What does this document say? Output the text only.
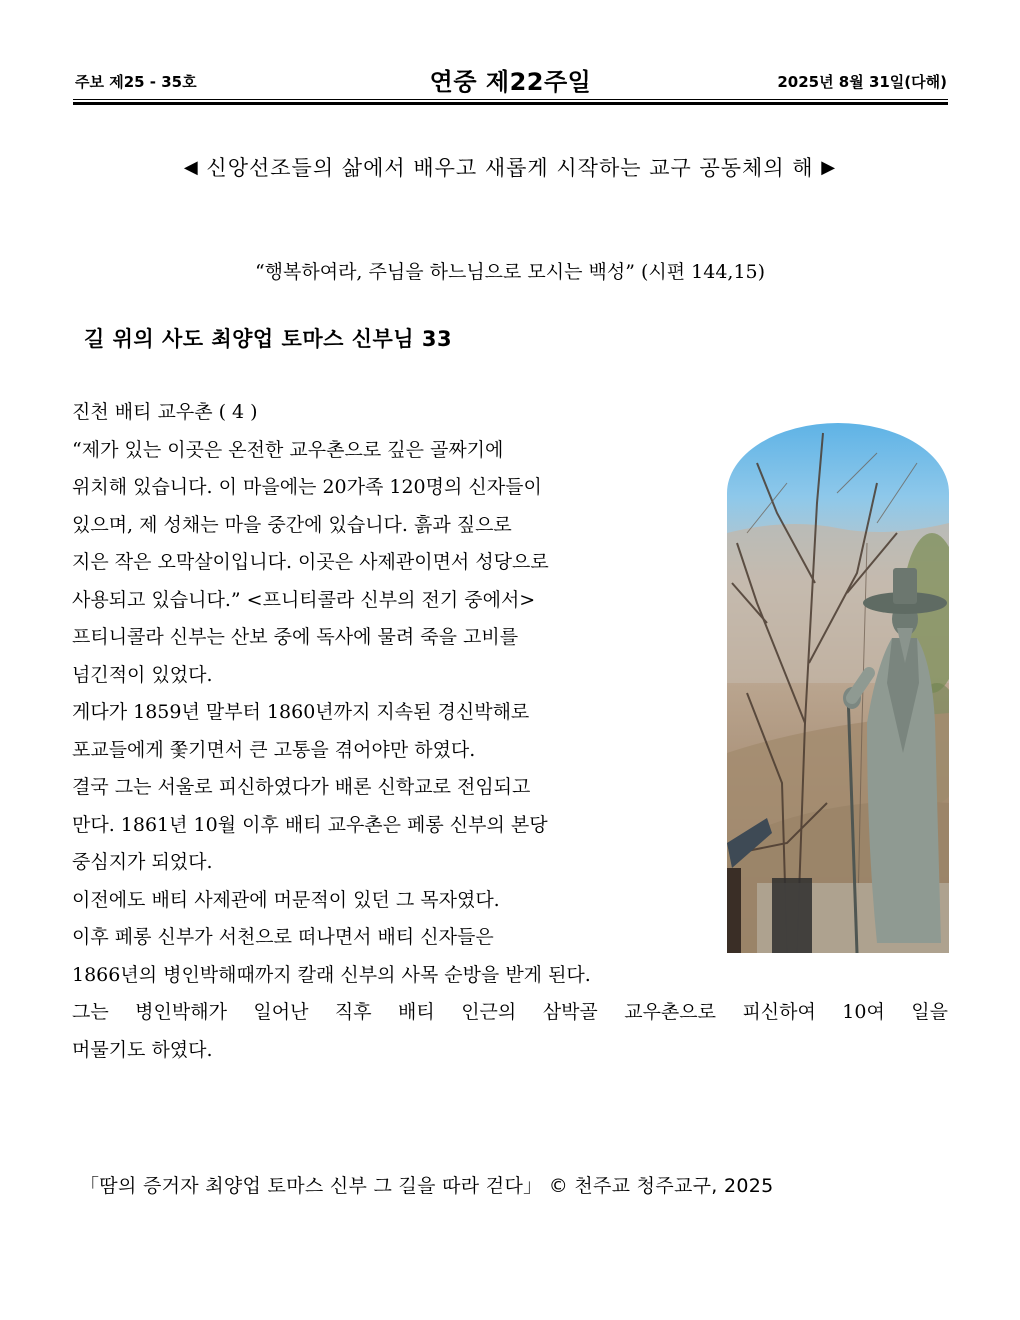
주보 제25 - 35호	연중 제22주일	2025년 8월 31일(다해)
◀ 신앙선조들의 삶에서 배우고 새롭게 시작하는 교구 공동체의 해 ▶
“행복하여라, 주님을 하느님으로 모시는 백성” (시편 144,15)
길 위의 사도 최양업 토마스 신부님 33
진천 배티 교우촌 ( 4 )
“제가 있는 이곳은 온전한 교우촌으로 깊은 골짜기에
위치해 있습니다. 이 마을에는 20가족 120명의 신자들이
있으며, 제 성채는 마을 중간에 있습니다. 흙과 짚으로
지은 작은 오막살이입니다. 이곳은 사제관이면서 성당으로
사용되고 있습니다.” <프니티콜라 신부의 전기 중에서>
프티니콜라 신부는 산보 중에 독사에 물려 죽을 고비를
넘긴적이 있었다.
게다가 1859년 말부터 1860년까지 지속된 경신박해로
포교들에게 쫓기면서 큰 고통을 겪어야만 하였다.
결국 그는 서울로 피신하였다가 배론 신학교로 전임되고
만다. 1861년 10월 이후 배티 교우촌은 페롱 신부의 본당
중심지가 되었다.
이전에도 배티 사제관에 머문적이 있던 그 목자였다.
이후 페롱 신부가 서천으로 떠나면서 배티 신자들은
1866년의 병인박해때까지 칼래 신부의 사목 순방을 받게 된다.
그는 병인박해가 일어난 직후 배티 인근의 삼박골 교우촌으로 피신하여 10여 일을
머물기도 하였다.
「땀의 증거자 최양업 토마스 신부 그 길을 따라 걷다」 © 천주교 청주교구, 2025
